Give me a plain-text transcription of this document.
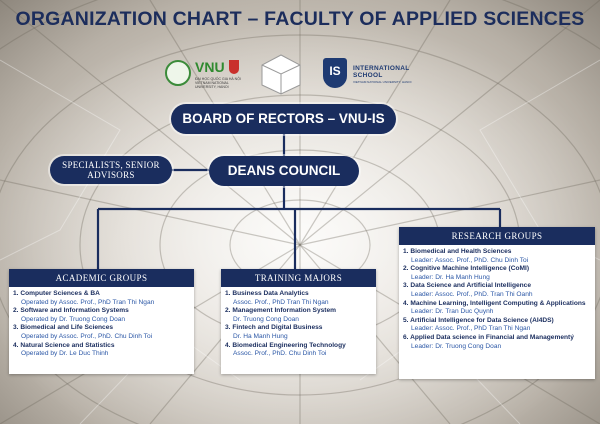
ORGANIZATION CHART – FACULTY OF APPLIED SCIENCES
VNU
ĐẠI HỌC QUỐC GIA HÀ NỘI VIETNAM NATIONAL UNIVERSITY, HANOI
IS	INTERNATIONAL SCHOOL
VIETNAM NATIONAL UNIVERSITY, HANOI
BOARD OF RECTORS – VNU-IS
DEANS COUNCIL
SPECIALISTS, SENIOR ADVISORS
ACADEMIC GROUPS
1. Computer Sciences & BA
Operated by Assoc. Prof., PhD Tran Thi Ngan
2. Software and Information Systems
Operated by Dr. Truong Cong Doan
3. Biomedical and Life Sciences
Operated by Assoc. Prof., PhD. Chu Dinh Toi
4. Natural Science and Statistics
Operated by Dr. Le Duc Thinh
TRAINING MAJORS
1. Business Data Analytics
Assoc. Prof., PhD Tran Thi Ngan
2. Management Information System
Dr. Truong Cong Doan
3. Fintech and Digital Business
Dr. Ha Manh Hung
4. Biomedical Engineering Technology
Assoc. Prof., PhD. Chu Dinh Toi
RESEARCH GROUPS
1. Biomedical and Health Sciences
Leader: Assoc. Prof., PhD. Chu Dinh Toi
2. Cognitive Machine Intelligence (CoMI)
Leader: Dr. Ha Manh Hung
3. Data Science and Artificial Intelligence
Leader: Assoc. Prof., PhD. Tran Thi Oanh
4. Machine Learning, Intelligent Computing & Applications
Leader: Dr. Tran Duc Quynh
5. Artificial Intelligence for Data Science (AI4DS)
Leader: Assoc. Prof., PhD Tran Thi Ngan
6. Applied Data science in Financial and Managementý
Leader: Dr. Truong Cong Doan
